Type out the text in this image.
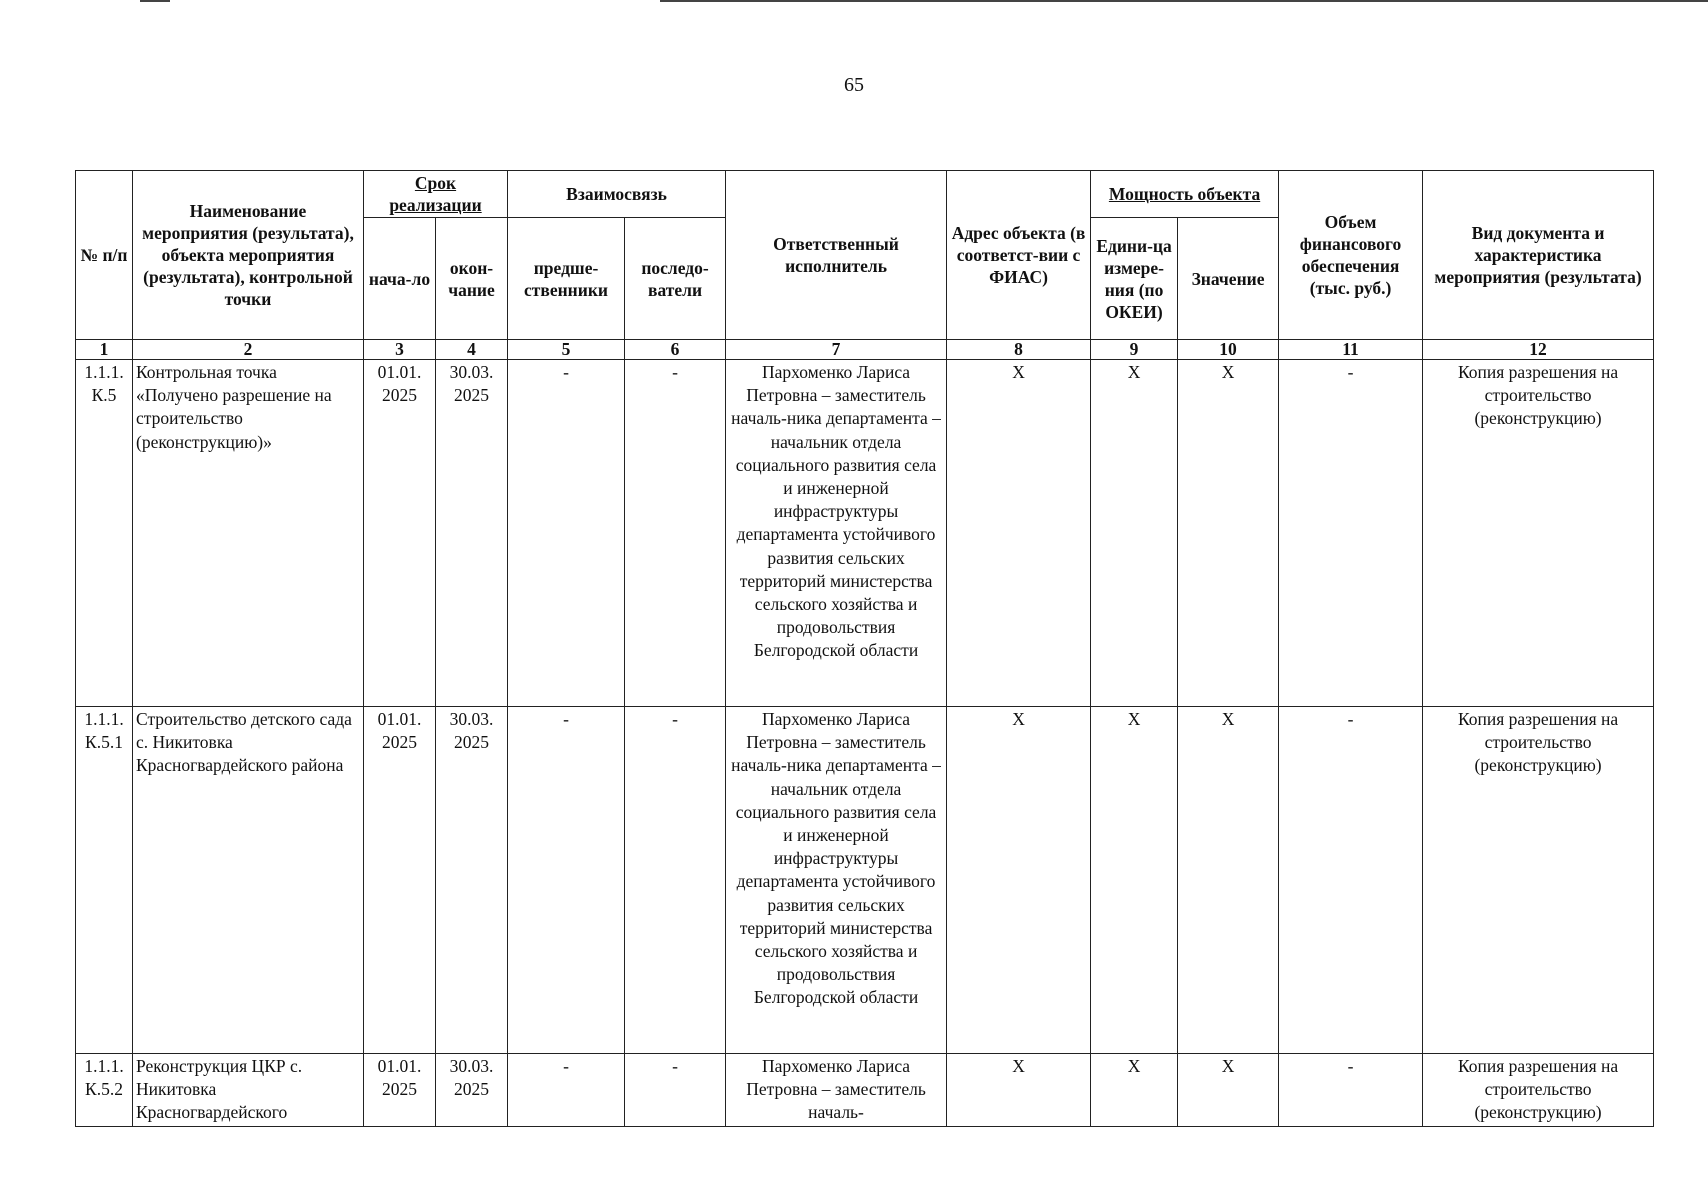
65
№ п/п	Наименование мероприятия (результата), объекта мероприятия (результата), контрольной точки	Срок реализации		Взаимосвязь		Ответственный исполнитель	Адрес объекта (в соответст-вии с ФИАС)	Мощность объекта		Объем финансового обеспечения (тыс. руб.)	Вид документа и характеристика мероприятия (результата)
		нача-ло	окон-чание	предше-ственники	последо-ватели			Едини-ца измере-ния (по ОКЕИ)	Значение		
1	2	3	4	5	6	7	8	9	10	11	12
1.1.1. К.5	Контрольная точка «Получено разрешение на строительство (реконструкцию)»	01.01. 2025	30.03. 2025	-	-	Пархоменко Лариса Петровна – заместитель началь-ника департамента – начальник отдела социального развития села и инженерной инфраструктуры департамента устойчивого развития сельских территорий министерства сельского хозяйства и продовольствия Белгородской области	X	X	X	-	Копия разрешения на строительство (реконструкцию)
1.1.1. К.5.1	Строительство детского сада с. Никитовка Красногвардейского района	01.01. 2025	30.03. 2025	-	-	Пархоменко Лариса Петровна – заместитель началь-ника департамента – начальник отдела социального развития села и инженерной инфраструктуры департамента устойчивого развития сельских территорий министерства сельского хозяйства и продовольствия Белгородской области	X	X	X	-	Копия разрешения на строительство (реконструкцию)
1.1.1. К.5.2	Реконструкция ЦКР с. Никитовка Красногвардейского	01.01. 2025	30.03. 2025	-	-	Пархоменко Лариса Петровна – заместитель началь-	X	X	X	-	Копия разрешения на строительство (реконструкцию)
